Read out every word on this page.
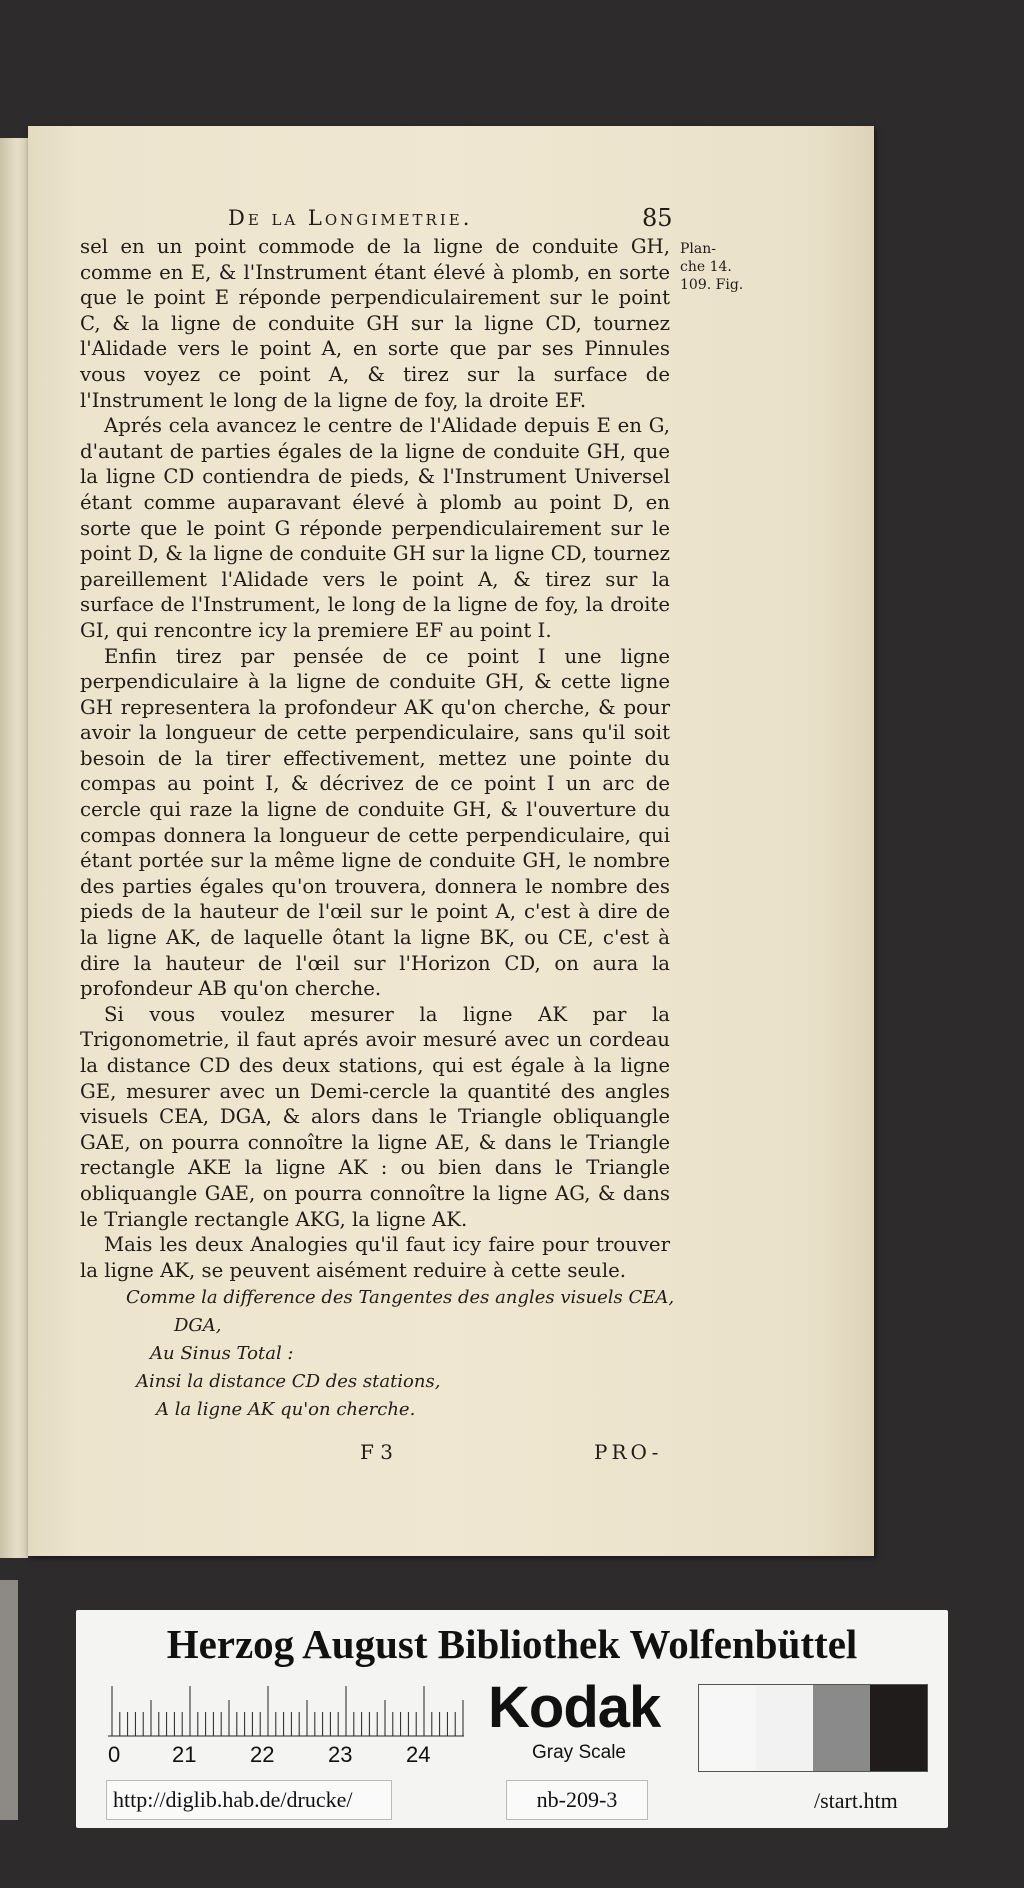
De la Longimetrie.	85
Plan-
che 14.
109. Fig.

sel en un point commode de la ligne de conduite GH, comme en E, & l'Instrument étant élevé à plomb, en sorte que le point E réponde perpendiculairement sur le point C, & la ligne de conduite GH sur la ligne CD, tournez l'Alidade vers le point A, en sorte que par ses Pinnules vous voyez ce point A, & tirez sur la surface de l'Instrument le long de la ligne de foy, la droite EF.

Aprés cela avancez le centre de l'Alidade depuis E en G, d'autant de parties égales de la ligne de conduite GH, que la ligne CD contiendra de pieds, & l'Instrument Universel étant comme auparavant élevé à plomb au point D, en sorte que le point G réponde perpendiculairement sur le point D, & la ligne de conduite GH sur la ligne CD, tournez pareillement l'Alidade vers le point A, & tirez sur la surface de l'Instrument, le long de la ligne de foy, la droite GI, qui rencontre icy la premiere EF au point I.

Enfin tirez par pensée de ce point I une ligne perpendiculaire à la ligne de conduite GH, & cette ligne GH representera la profondeur AK qu'on cherche, & pour avoir la longueur de cette perpendiculaire, sans qu'il soit besoin de la tirer effectivement, mettez une pointe du compas au point I, & décrivez de ce point I un arc de cercle qui raze la ligne de conduite GH, & l'ouverture du compas donnera la longueur de cette perpendiculaire, qui étant portée sur la même ligne de conduite GH, le nombre des parties égales qu'on trouvera, donnera le nombre des pieds de la hauteur de l'œil sur le point A, c'est à dire de la ligne AK, de laquelle ôtant la ligne BK, ou CE, c'est à dire la hauteur de l'œil sur l'Horizon CD, on aura la profondeur AB qu'on cherche.

Si vous voulez mesurer la ligne AK par la Trigonometrie, il faut aprés avoir mesuré avec un cordeau la distance CD des deux stations, qui est égale à la ligne GE, mesurer avec un Demi-cercle la quantité des angles visuels CEA, DGA, & alors dans le Triangle obliquangle GAE, on pourra connoître la ligne AE, & dans le Triangle rectangle AKE la ligne AK : ou bien dans le Triangle obliquangle GAE, on pourra connoître la ligne AG, & dans le Triangle rectangle AKG, la ligne AK.

Mais les deux Analogies qu'il faut icy faire pour trouver la ligne AK, se peuvent aisément reduire à cette seule.

Comme la difference des Tangentes des angles visuels CEA,
DGA,
Au Sinus Total :
Ainsi la distance CD des stations,
A la ligne AK qu'on cherche.
F 3	PRO-
Herzog August Bibliothek Wolfenbüttel
0 21 22 23 24
Kodak
Gray Scale
http://diglib.hab.de/drucke/	nb-209-3	/start.htm
